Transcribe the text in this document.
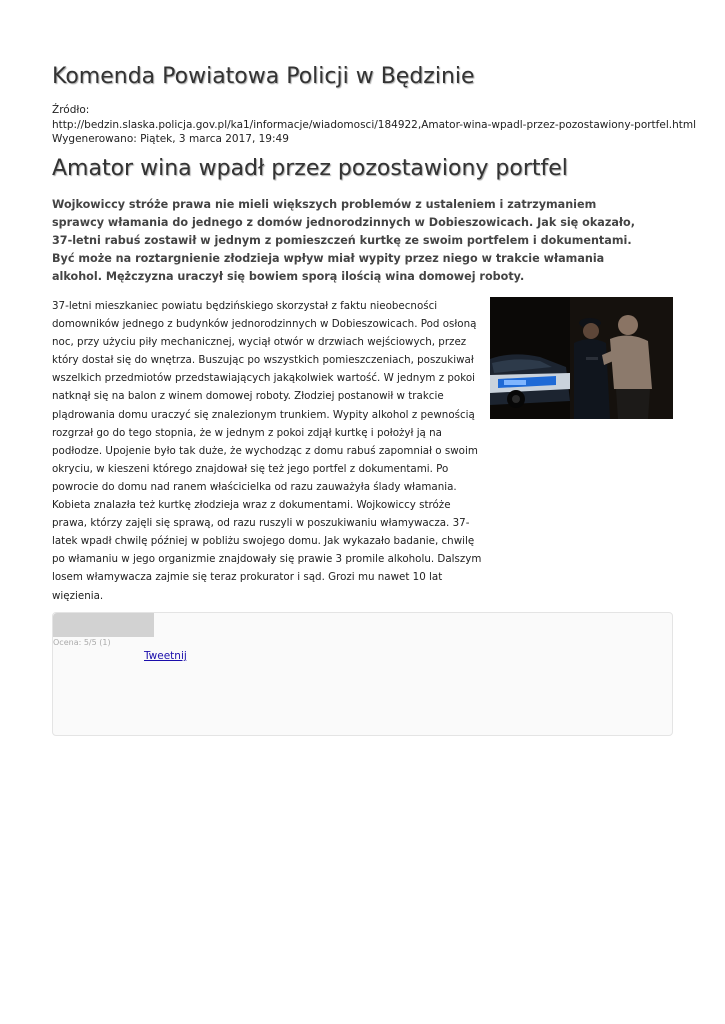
Komenda Powiatowa Policji w Będzinie
Źródło:
http://bedzin.slaska.policja.gov.pl/ka1/informacje/wiadomosci/184922,Amator-wina-wpadl-przez-pozostawiony-portfel.html
Wygenerowano: Piątek, 3 marca 2017, 19:49
Amator wina wpadł przez pozostawiony portfel

Wojkowiccy stróże prawa nie mieli większych problemów z ustaleniem i zatrzymaniem sprawcy włamania do jednego z domów jednorodzinnych w Dobieszowicach. Jak się okazało, 37-letni rabuś zostawił w jednym z pomieszczeń kurtkę ze swoim portfelem i dokumentami. Być może na roztargnienie złodzieja wpływ miał wypity przez niego w trakcie włamania alkohol. Mężczyzna uraczył się bowiem sporą ilością wina domowej roboty.

37-letni mieszkaniec powiatu będzińskiego skorzystał z faktu nieobecności domowników jednego z budynków jednorodzinnych w Dobieszowicach. Pod osłoną noc, przy użyciu piły mechanicznej, wyciął otwór w drzwiach wejściowych, przez który dostał się do wnętrza. Buszując po wszystkich pomieszczeniach, poszukiwał wszelkich przedmiotów przedstawiających jakąkolwiek wartość. W jednym z pokoi natknął się na balon z winem domowej roboty. Złodziej postanowił w trakcie plądrowania domu uraczyć się znalezionym trunkiem. Wypity alkohol z pewnością rozgrzał go do tego stopnia, że w jednym z pokoi zdjął kurtkę i położył ją na podłodze. Upojenie było tak duże, że wychodząc z domu rabuś zapomniał o swoim okryciu, w kieszeni którego znajdował się też jego portfel z dokumentami. Po powrocie do domu nad ranem właścicielka od razu zauważyła ślady włamania. Kobieta znalazła też kurtkę złodzieja wraz z dokumentami. Wojkowiccy stróże prawa, którzy zajęli się sprawą, od razu ruszyli w poszukiwaniu włamywacza. 37-latek wpadł chwilę później w pobliżu swojego domu. Jak wykazało badanie, chwilę po włamaniu w jego organizmie znajdowały się prawie 3 promile alkoholu. Dalszym losem włamywacza zajmie się teraz prokurator i sąd. Grozi mu nawet 10 lat więzienia.

Ocena: 5/5 (1)
Tweetnij
